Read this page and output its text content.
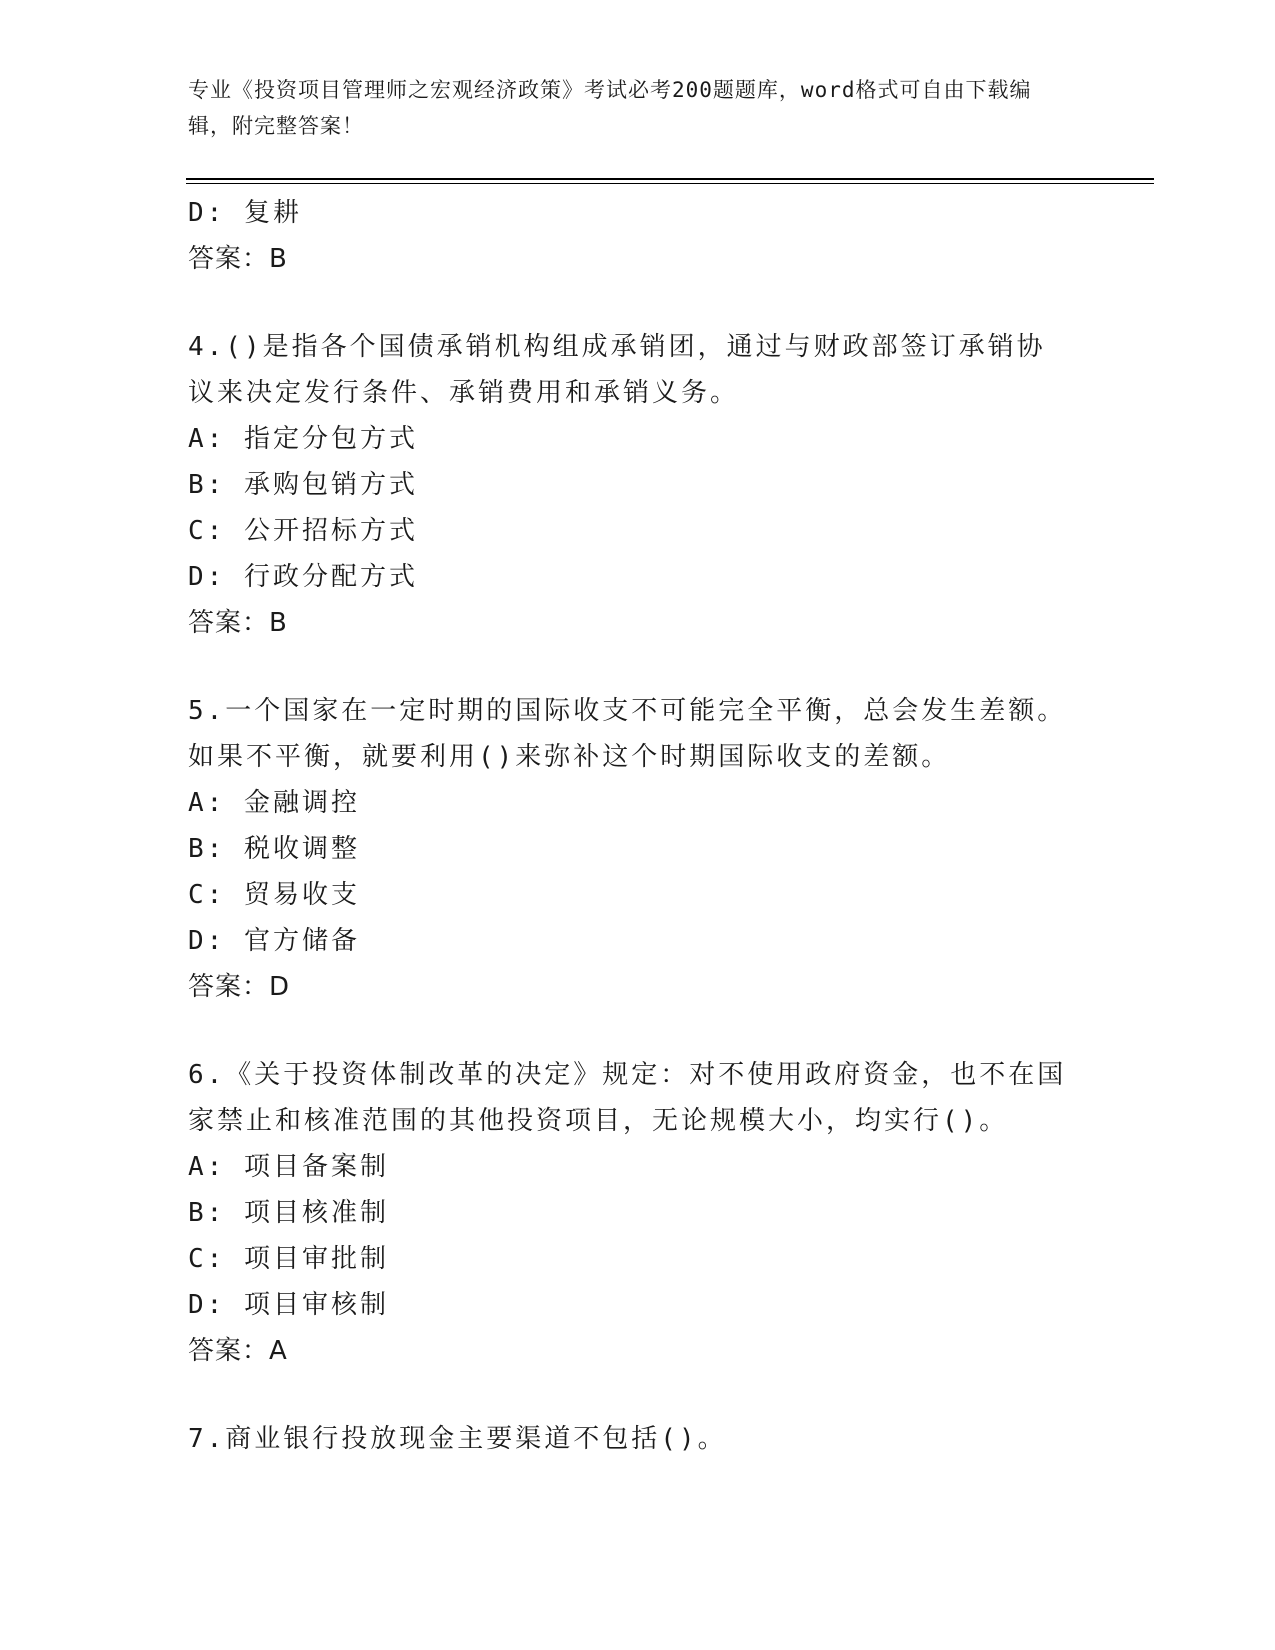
专业《投资项目管理师之宏观经济政策》考试必考200题题库，word格式可自由下载编辑，附完整答案！
D: 复耕
答案：B
4.()是指各个国债承销机构组成承销团，通过与财政部签订承销协议来决定发行条件、承销费用和承销义务。
A: 指定分包方式
B: 承购包销方式
C: 公开招标方式
D: 行政分配方式
答案：B
5.一个国家在一定时期的国际收支不可能完全平衡，总会发生差额。如果不平衡，就要利用()来弥补这个时期国际收支的差额。
A: 金融调控
B: 税收调整
C: 贸易收支
D: 官方储备
答案：D
6.《关于投资体制改革的决定》规定：对不使用政府资金，也不在国家禁止和核准范围的其他投资项目，无论规模大小，均实行()。
A: 项目备案制
B: 项目核准制
C: 项目审批制
D: 项目审核制
答案：A
7.商业银行投放现金主要渠道不包括()。
